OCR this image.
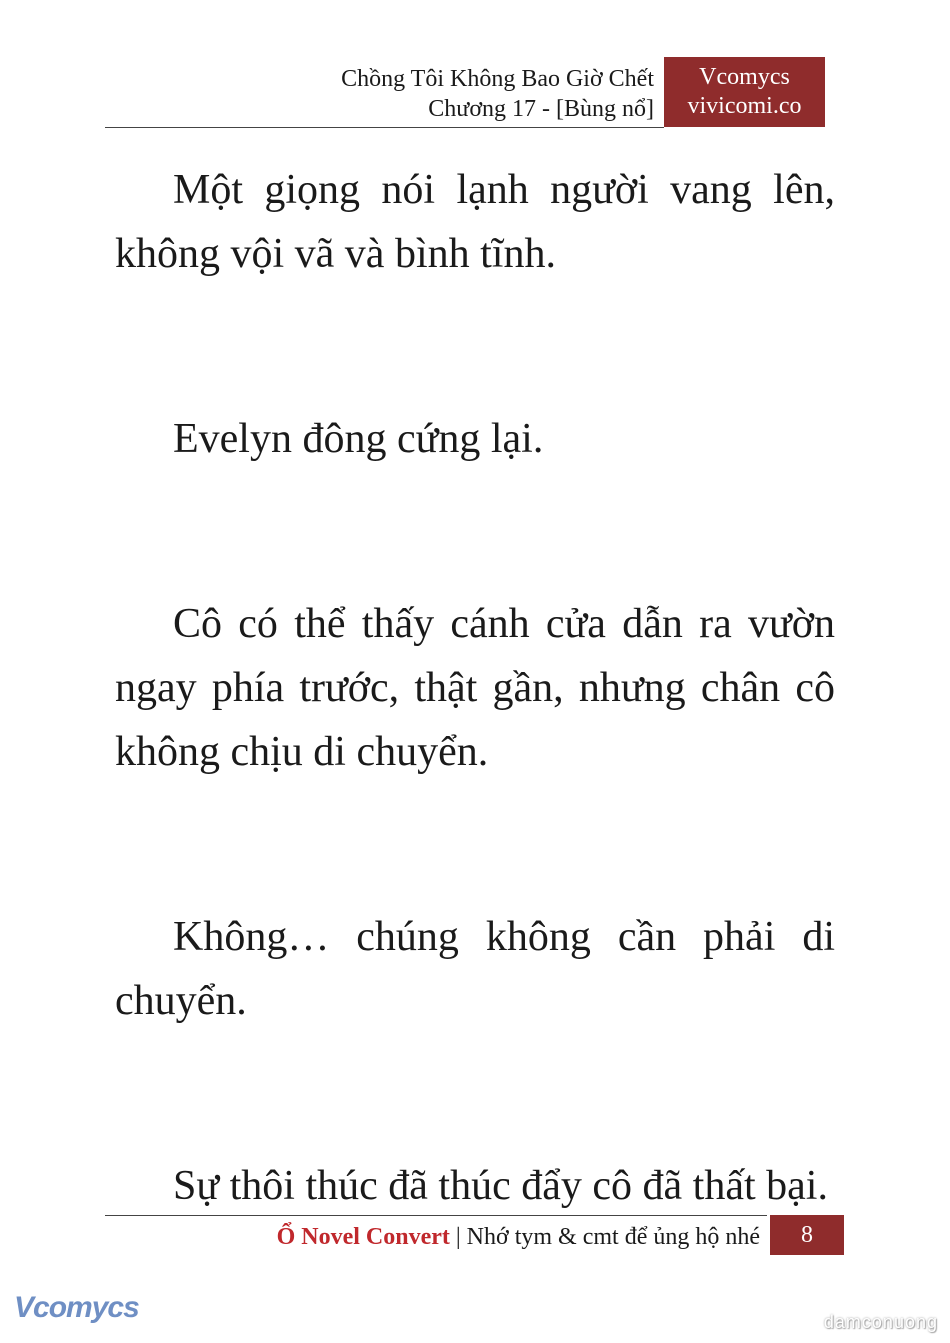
Chồng Tôi Không Bao Giờ Chết
Chương 17 - [Bùng nổ]
Vcomycs
vivicomi.co

Một giọng nói lạnh người vang lên, không vội vã và bình tĩnh.

Evelyn đông cứng lại.

Cô có thể thấy cánh cửa dẫn ra vườn ngay phía trước, thật gần, nhưng chân cô không chịu di chuyển.

Không… chúng không cần phải di chuyển.

Sự thôi thúc đã thúc đẩy cô đã thất bại.

Ổ Novel Convert | Nhớ tym & cmt để ủng hộ nhé	8
Vcomycs	damconuong
